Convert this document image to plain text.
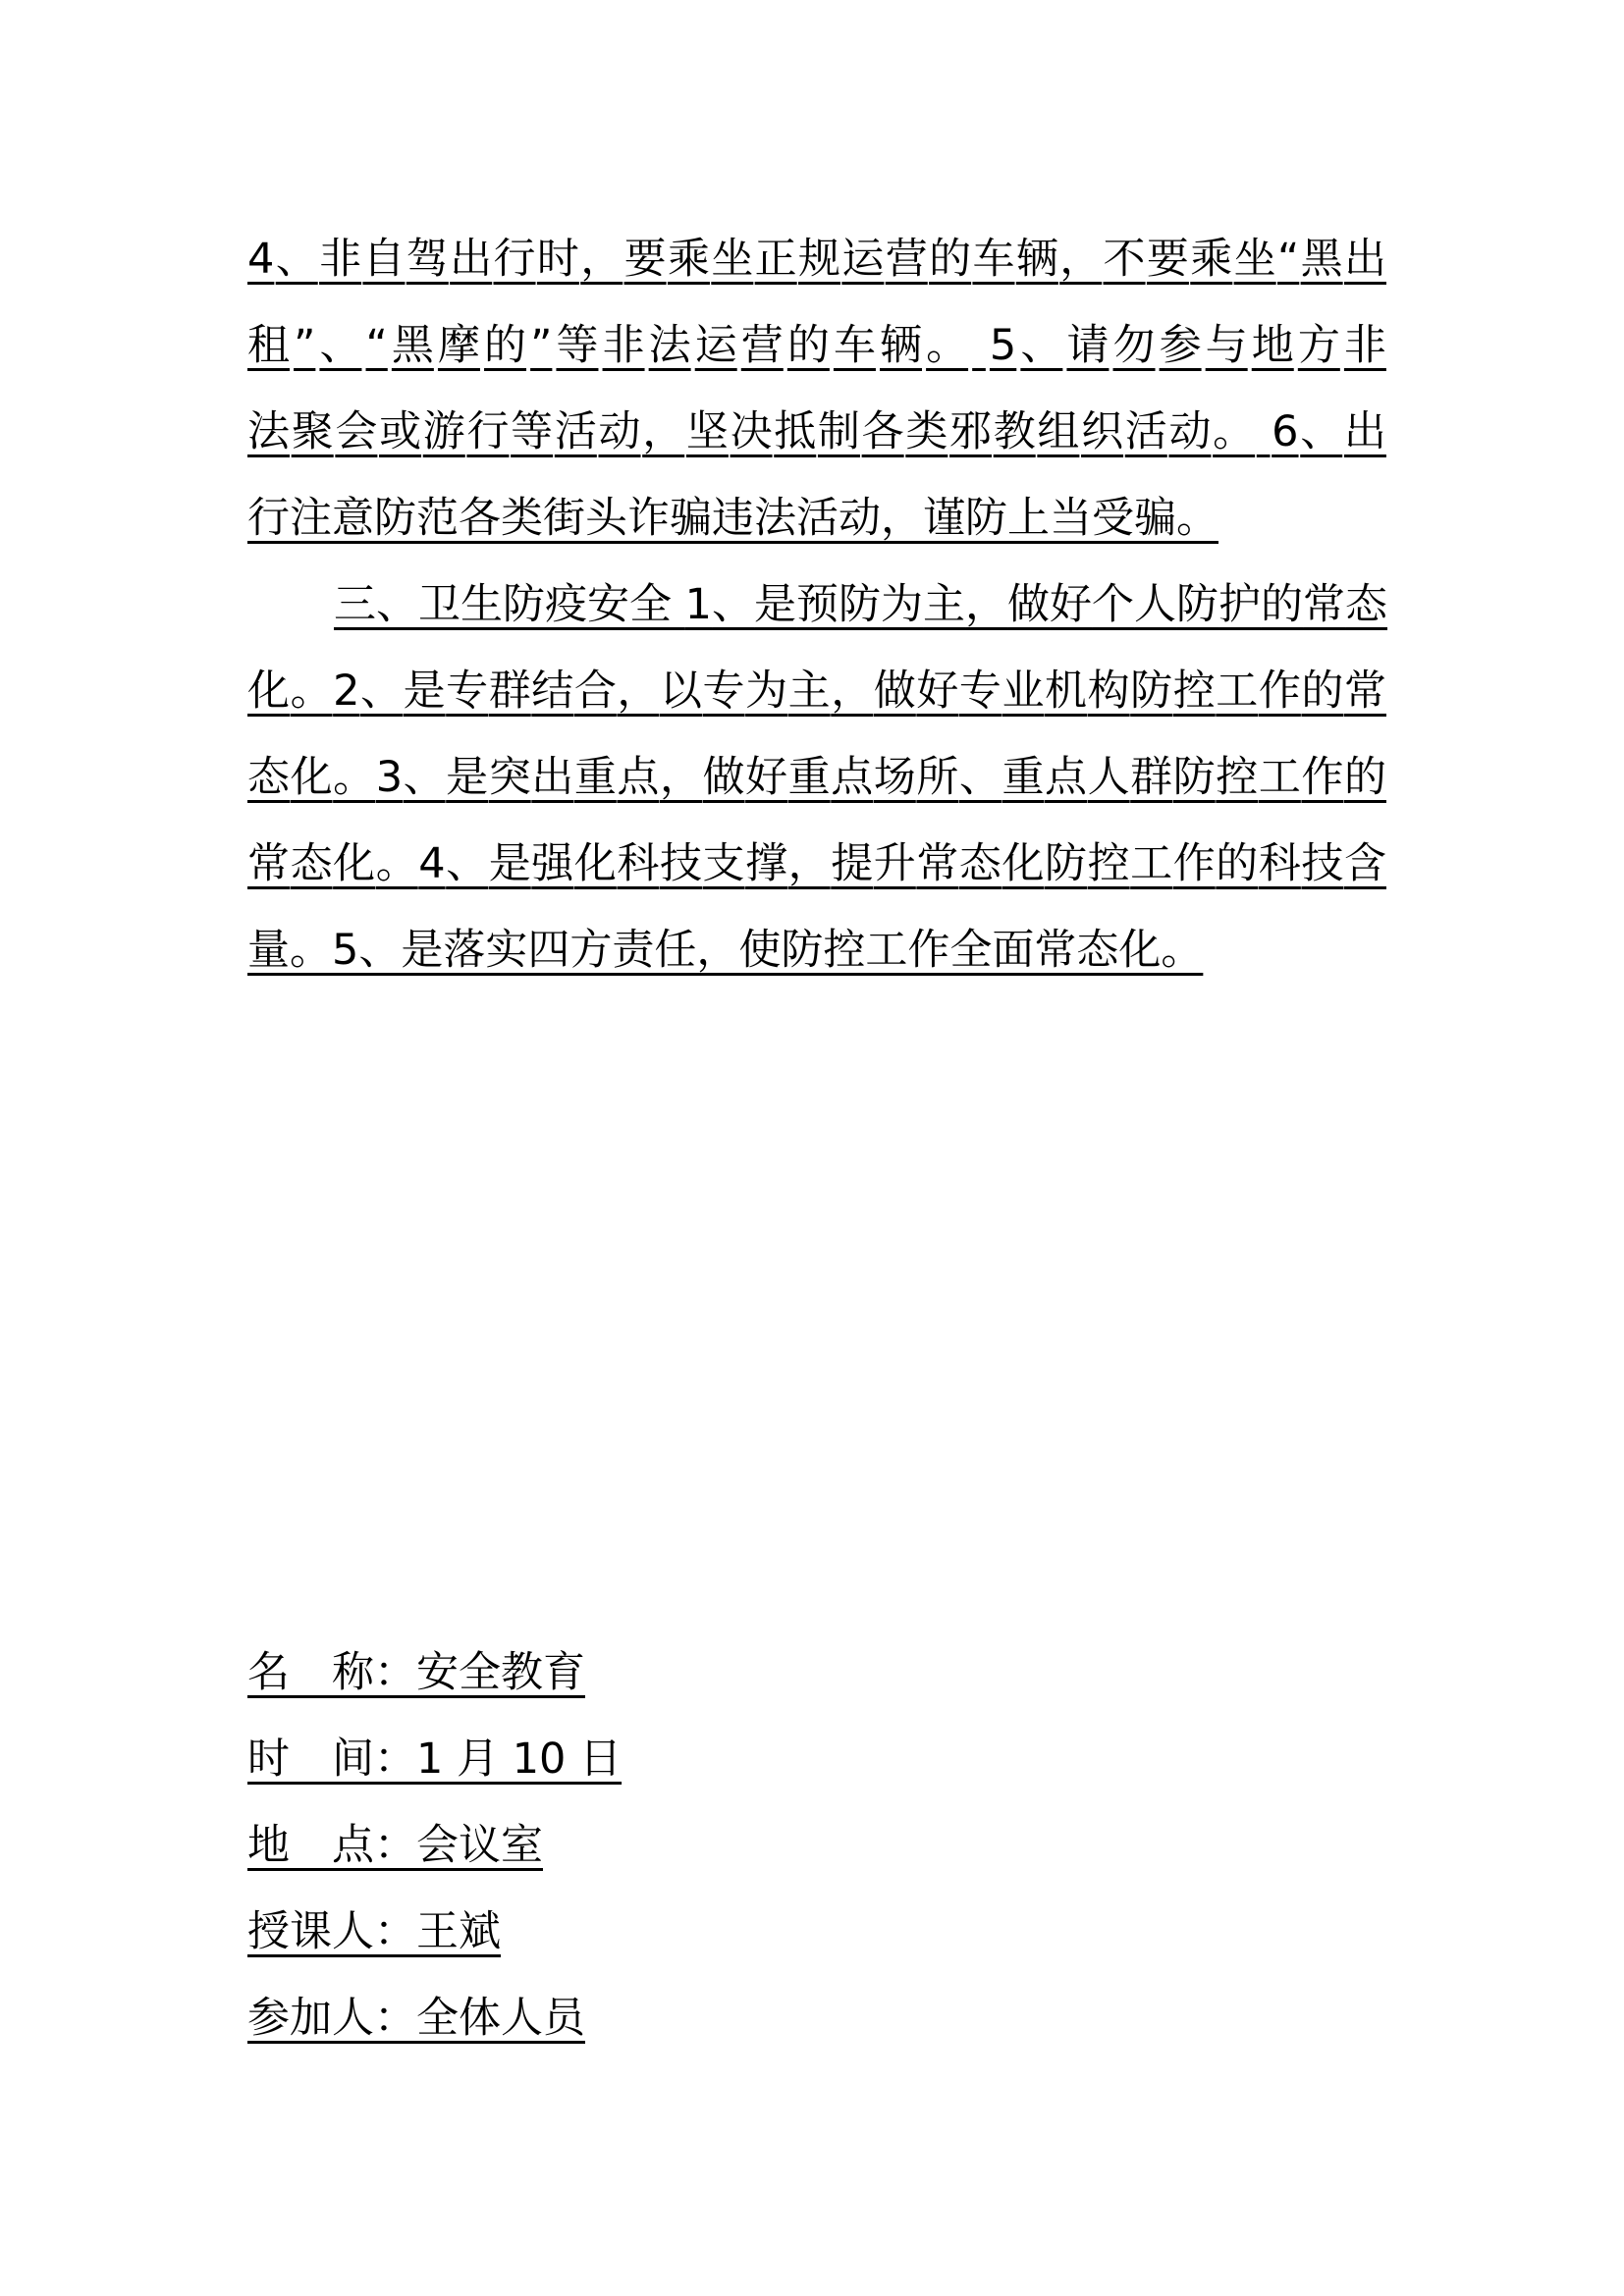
4 、 非 自 驾 出 行 时 ， 要 乘 坐 正 规 运 营 的 车 辆 ， 不 要 乘 坐 “ 黑 出
租 ” 、 “ 黑 摩 的 ” 等 非 法 运 营 的 车 辆 。
5 、 请 勿 参 与 地 方 非
法 聚 会 或 游 行 等 活 动 ， 坚 决 抵 制 各 类 邪 教 组 织 活 动 。
6 、 出
行注意防范各类街头诈骗违法活动，谨防上当受骗。
三 、 卫 生 防 疫 安 全
1 、 是 预 防 为 主 ， 做 好 个 人 防 护 的 常 态
化 。 2 、 是 专 群 结 合 ， 以 专 为 主 ， 做 好 专 业 机 构 防 控 工 作 的 常
态 化 。 3 、 是 突 出 重 点 ， 做 好 重 点 场 所 、 重 点 人 群 防 控 工 作 的
常 态 化 。 4 、 是 强 化 科 技 支 撑 ， 提 升 常 态 化 防 控 工 作 的 科 技 含
量。5、是落实四方责任，使防控工作全面常态化。
名　称：安全教育
时　间：1 月 10 日
地　点：会议室
授课人：王斌
参加人：全体人员
